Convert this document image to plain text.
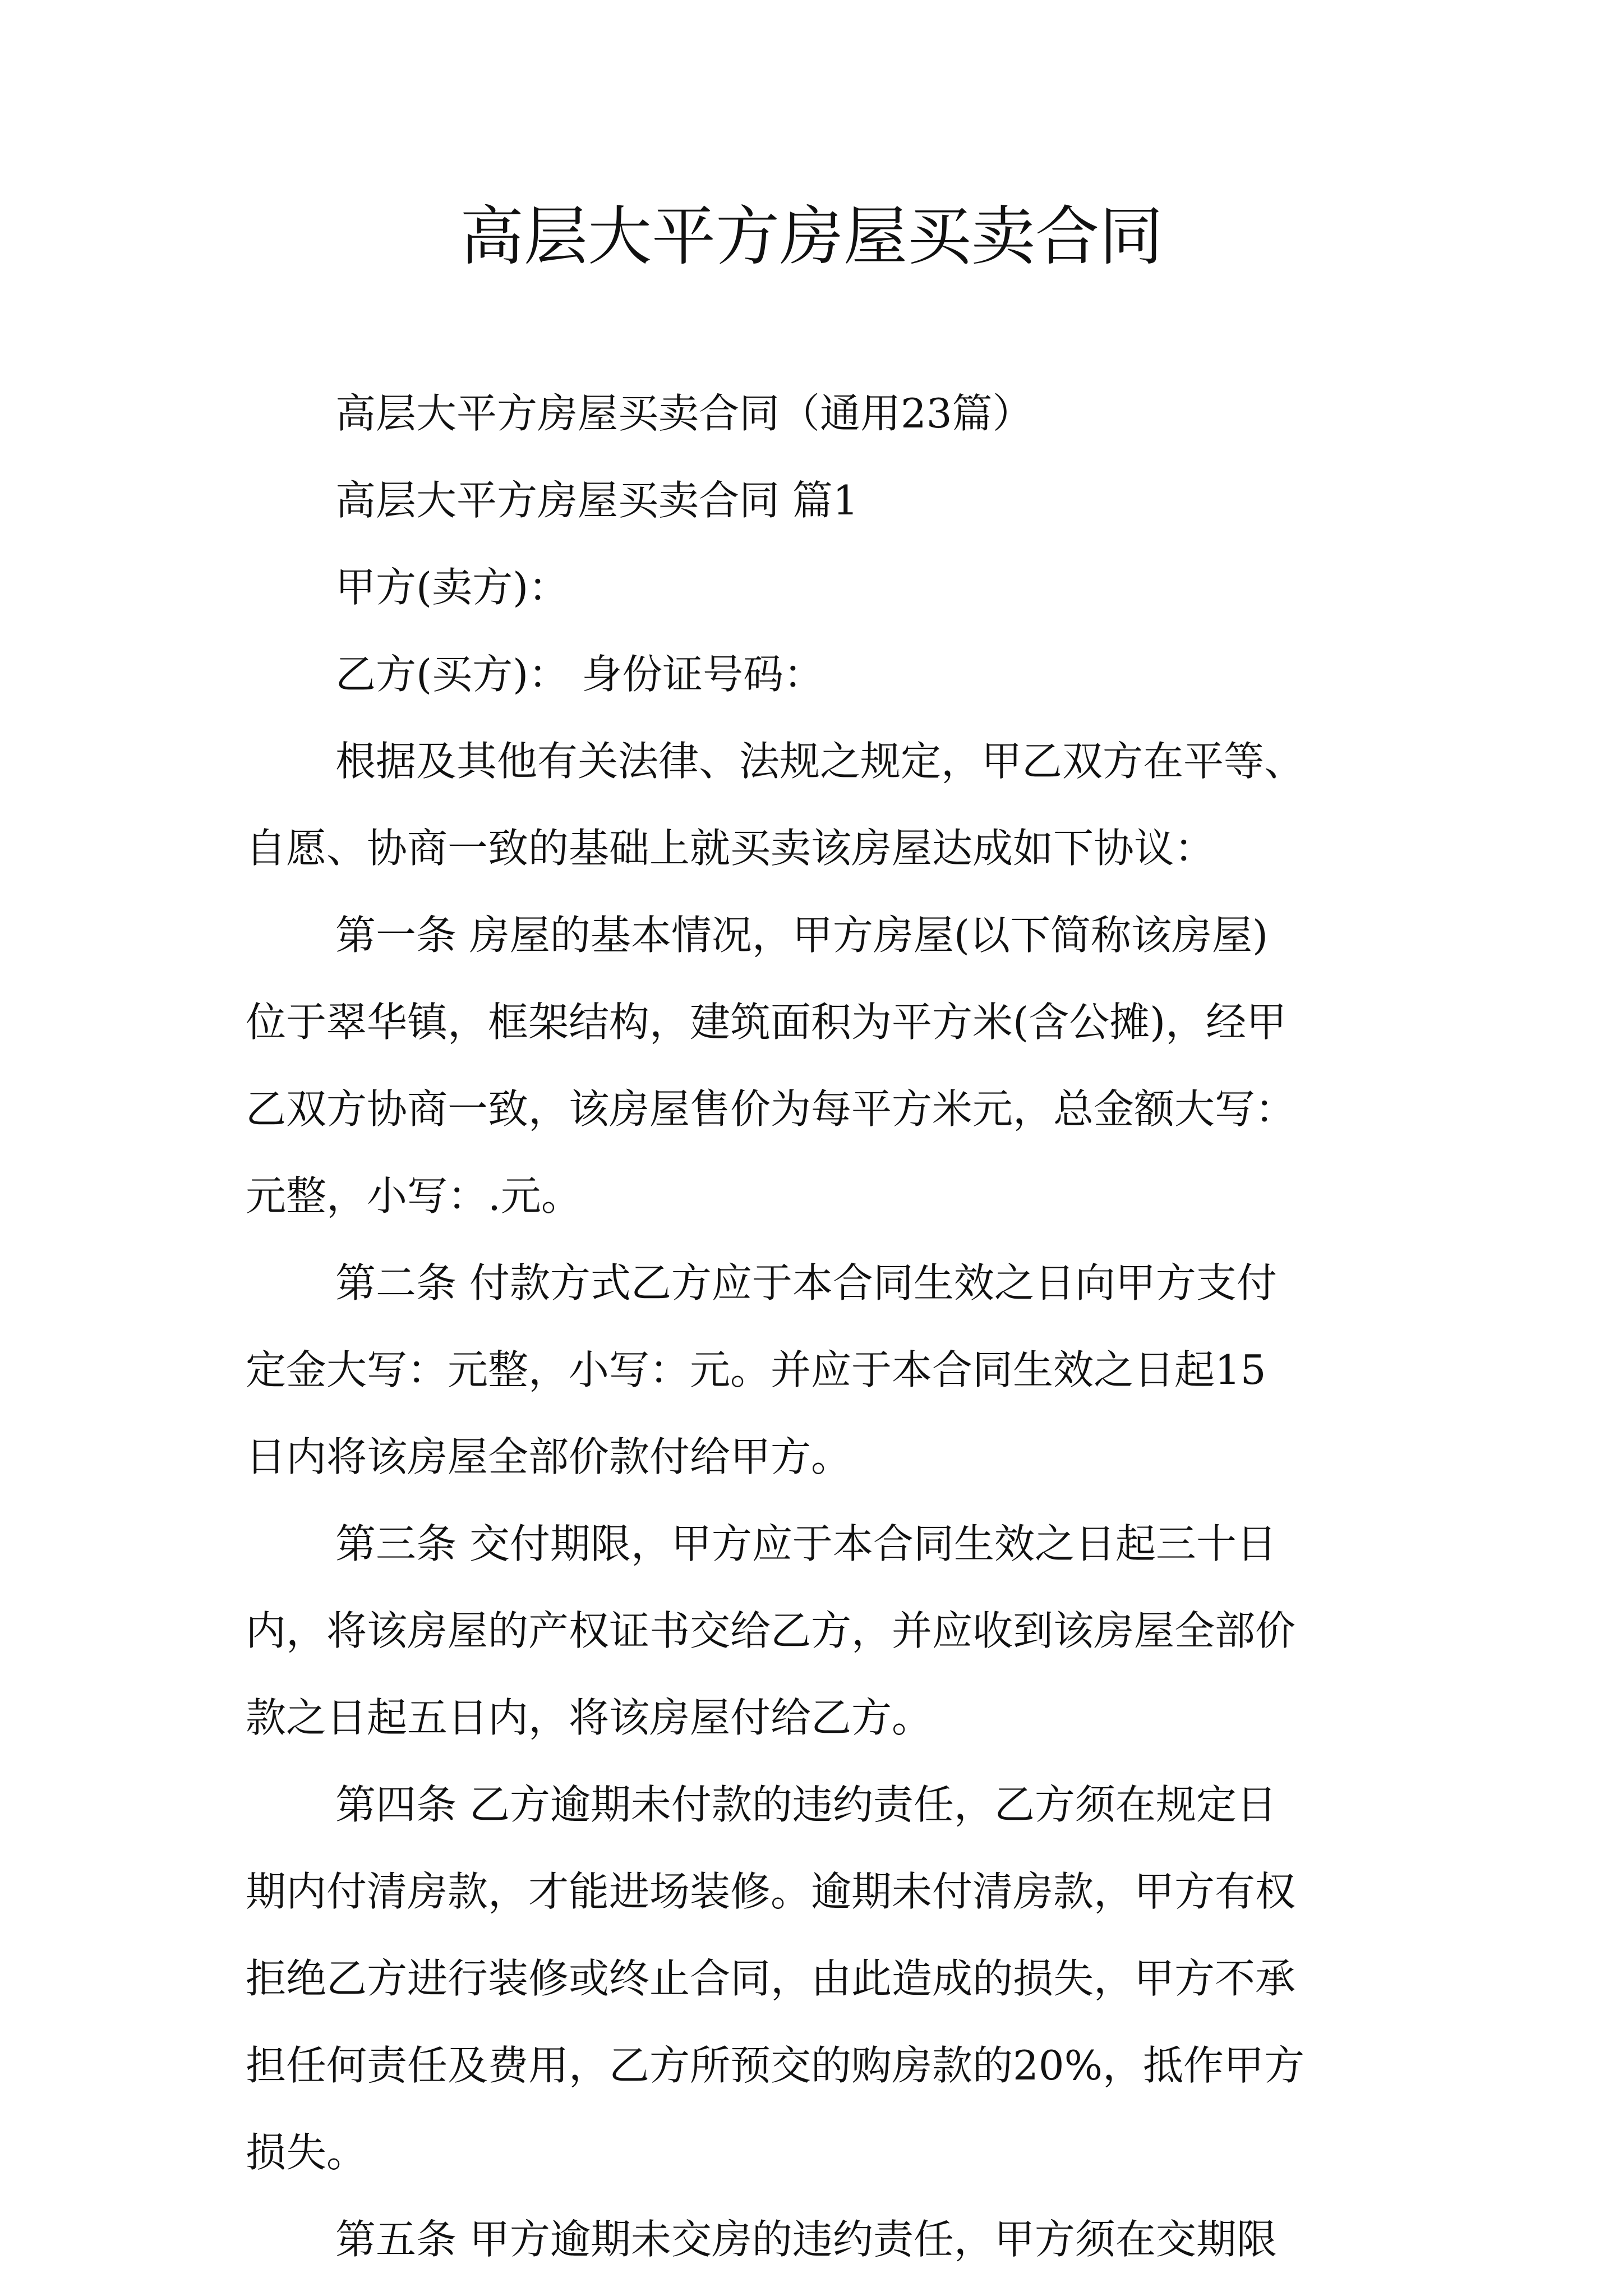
高层大平方房屋买卖合同
高层大平方房屋买卖合同（通用23篇）
高层大平方房屋买卖合同 篇1
甲方(卖方)：
乙方(买方)： 身份证号码：
根据及其他有关法律、法规之规定，甲乙双方在平等、
自愿、协商一致的基础上就买卖该房屋达成如下协议：
第一条 房屋的基本情况，甲方房屋(以下简称该房屋)
位于翠华镇，框架结构，建筑面积为平方米(含公摊)，经甲
乙双方协商一致，该房屋售价为每平方米元，总金额大写：
元整，小写：.元。
第二条 付款方式乙方应于本合同生效之日向甲方支付
定金大写：元整，小写：元。并应于本合同生效之日起15
日内将该房屋全部价款付给甲方。
第三条 交付期限，甲方应于本合同生效之日起三十日
内，将该房屋的产权证书交给乙方，并应收到该房屋全部价
款之日起五日内，将该房屋付给乙方。
第四条 乙方逾期未付款的违约责任，乙方须在规定日
期内付清房款，才能进场装修。逾期未付清房款，甲方有权
拒绝乙方进行装修或终止合同，由此造成的损失，甲方不承
担任何责任及费用，乙方所预交的购房款的20%，抵作甲方
损失。
第五条 甲方逾期未交房的违约责任，甲方须在交期限
